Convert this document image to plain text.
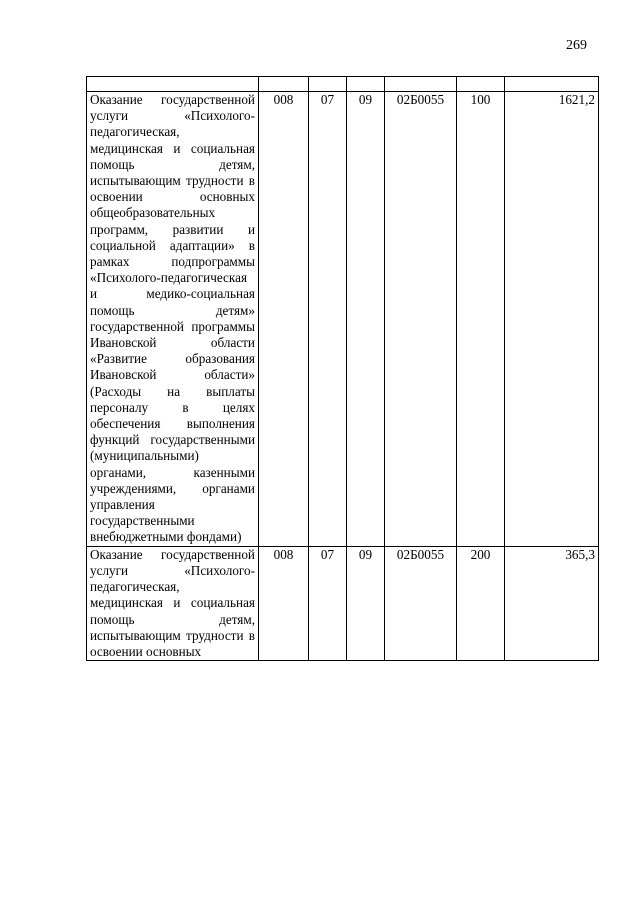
269

Оказание государственной услуги «Психолого-педагогическая, медицинская и социальная помощь детям, испытывающим трудности в освоении основных общеобразовательных программ, развитии и социальной адаптации» в рамках подпрограммы «Психолого-педагогическая и медико-социальная помощь детям» государственной программы Ивановской области «Развитие образования Ивановской области» (Расходы на выплаты персоналу в целях обеспечения выполнения функций государственными (муниципальными) органами, казенными учреждениями, органами управления государственными внебюджетными фондами)	008	07	09	02Б0055	100	1621,2
Оказание государственной услуги «Психолого-педагогическая, медицинская и социальная помощь детям, испытывающим трудности в освоении основных	008	07	09	02Б0055	200	365,3
